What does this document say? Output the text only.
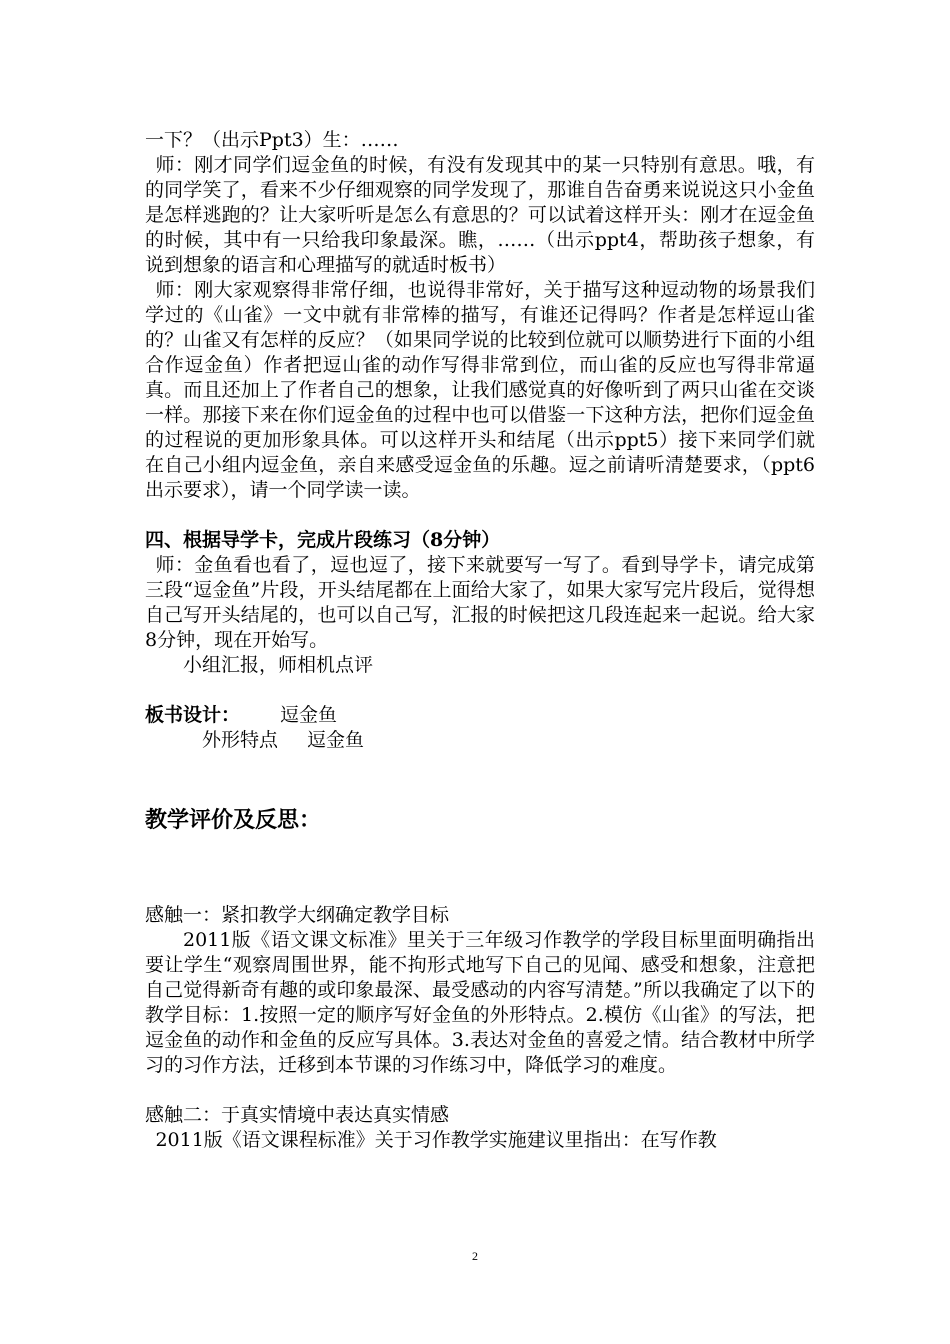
一下？（出示Ppt3）生：……

师：刚才同学们逗金鱼的时候，有没有发现其中的某一只特别有意思。哦，有的同学笑了，看来不少仔细观察的同学发现了，那谁自告奋勇来说说这只小金鱼是怎样逃跑的？让大家听听是怎么有意思的？可以试着这样开头：刚才在逗金鱼的时候，其中有一只给我印象最深。瞧，……（出示ppt4，帮助孩子想象，有说到想象的语言和心理描写的就适时板书）

师：刚大家观察得非常仔细，也说得非常好，关于描写这种逗动物的场景我们学过的《山雀》一文中就有非常棒的描写，有谁还记得吗？作者是怎样逗山雀的？山雀又有怎样的反应？（如果同学说的比较到位就可以顺势进行下面的小组合作逗金鱼）作者把逗山雀的动作写得非常到位，而山雀的反应也写得非常逼真。而且还加上了作者自己的想象，让我们感觉真的好像听到了两只山雀在交谈一样。那接下来在你们逗金鱼的过程中也可以借鉴一下这种方法，把你们逗金鱼的过程说的更加形象具体。可以这样开头和结尾（出示ppt5）接下来同学们就在自己小组内逗金鱼，亲自来感受逗金鱼的乐趣。逗之前请听清楚要求，（ppt6出示要求），请一个同学读一读。

四、根据导学卡，完成片段练习（8分钟）

师：金鱼看也看了，逗也逗了，接下来就要写一写了。看到导学卡，请完成第三段“逗金鱼”片段，开头结尾都在上面给大家了，如果大家写完片段后，觉得想自己写开头结尾的，也可以自己写，汇报的时候把这几段连起来一起说。给大家8分钟，现在开始写。

小组汇报，师相机点评

板书设计： 逗金鱼

外形特点 逗金鱼

教学评价及反思：

感触一：紧扣教学大纲确定教学目标

2011版《语文课文标准》里关于三年级习作教学的学段目标里面明确指出要让学生“观察周围世界，能不拘形式地写下自己的见闻、感受和想象，注意把自己觉得新奇有趣的或印象最深、最受感动的内容写清楚。”所以我确定了以下的教学目标：1.按照一定的顺序写好金鱼的外形特点。2.模仿《山雀》的写法，把逗金鱼的动作和金鱼的反应写具体。3.表达对金鱼的喜爱之情。结合教材中所学习的习作方法，迁移到本节课的习作练习中，降低学习的难度。

感触二：于真实情境中表达真实情感

2011版《语文课程标准》关于习作教学实施建议里指出：在写作教

2
